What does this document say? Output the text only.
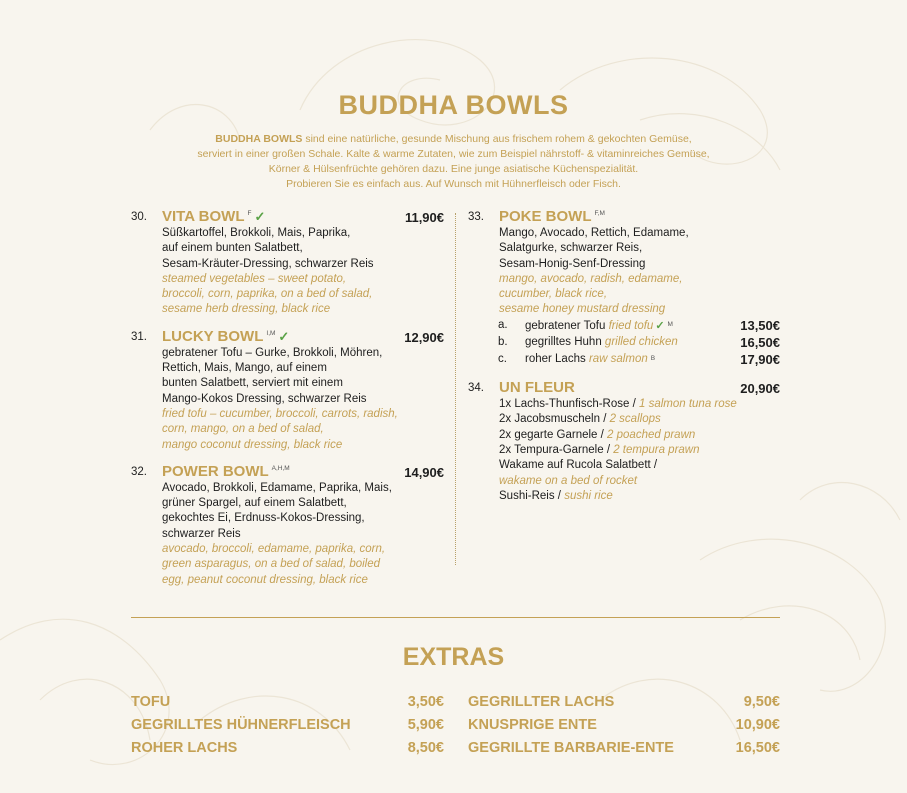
BUDDHA BOWLS
BUDDHA BOWLS sind eine natürliche, gesunde Mischung aus frischem rohem & gekochten Gemüse,
serviert in einer großen Schale. Kalte & warme Zutaten, wie zum Beispiel nährstoff- & vitaminreiches Gemüse,
Körner & Hülsenfrüchte gehören dazu. Eine junge asiatische Küchenspezialität.
Probieren Sie es einfach aus. Auf Wunsch mit Hühnerfleisch oder Fisch.
30. VITA BOWL $^F$ ✓	11,90€
Süßkartoffel, Brokkoli, Mais, Paprika,
auf einem bunten Salatbett,
Sesam-Kräuter-Dressing, schwarzer Reis
steamed vegetables – sweet potato,
broccoli, corn, paprika, on a bed of salad,
sesame herb dressing, black rice
31. LUCKY BOWL $^{I,M}$ ✓	12,90€
gebratener Tofu – Gurke, Brokkoli, Möhren,
Rettich, Mais, Mango, auf einem
bunten Salatbett, serviert mit einem
Mango-Kokos Dressing, schwarzer Reis
fried tofu – cucumber, broccoli, carrots, radish,
corn, mango, on a bed of salad,
mango coconut dressing, black rice
32. POWER BOWL $^{A,H,M}$	14,90€
Avocado, Brokkoli, Edamame, Paprika, Mais,
grüner Spargel, auf einem Salatbett,
gekochtes Ei, Erdnuss-Kokos-Dressing,
schwarzer Reis
avocado, broccoli, edamame, paprika, corn,
green asparagus, on a bed of salad, boiled
egg, peanut coconut dressing, black rice
33. POKE BOWL $^{F,M}$
Mango, Avocado, Rettich, Edamame,
Salatgurke, schwarzer Reis,
Sesam-Honig-Senf-Dressing
mango, avocado, radish, edamame,
cucumber, black rice,
sesame honey mustard dressing
a. gebratener Tofu fried tofu ✓ $^M$	13,50€
b. gegrilltes Huhn grilled chicken	16,50€
c. roher Lachs raw salmon $^B$	17,90€
34. UN FLEUR	20,90€
1x Lachs-Thunfisch-Rose / 1 salmon tuna rose
2x Jacobsmuscheln / 2 scallops
2x gegarte Garnele / 2 poached prawn
2x Tempura-Garnele / 2 tempura prawn
Wakame auf Rucola Salatbett /
wakame on a bed of rocket
Sushi-Reis / sushi rice
EXTRAS
TOFU	3,50€
GEGRILLTES HÜHNERFLEISCH	5,90€
ROHER LACHS	8,50€
GEGRILLTER LACHS	9,50€
KNUSPRIGE ENTE	10,90€
GEGRILLTE BARBARIE-ENTE	16,50€
